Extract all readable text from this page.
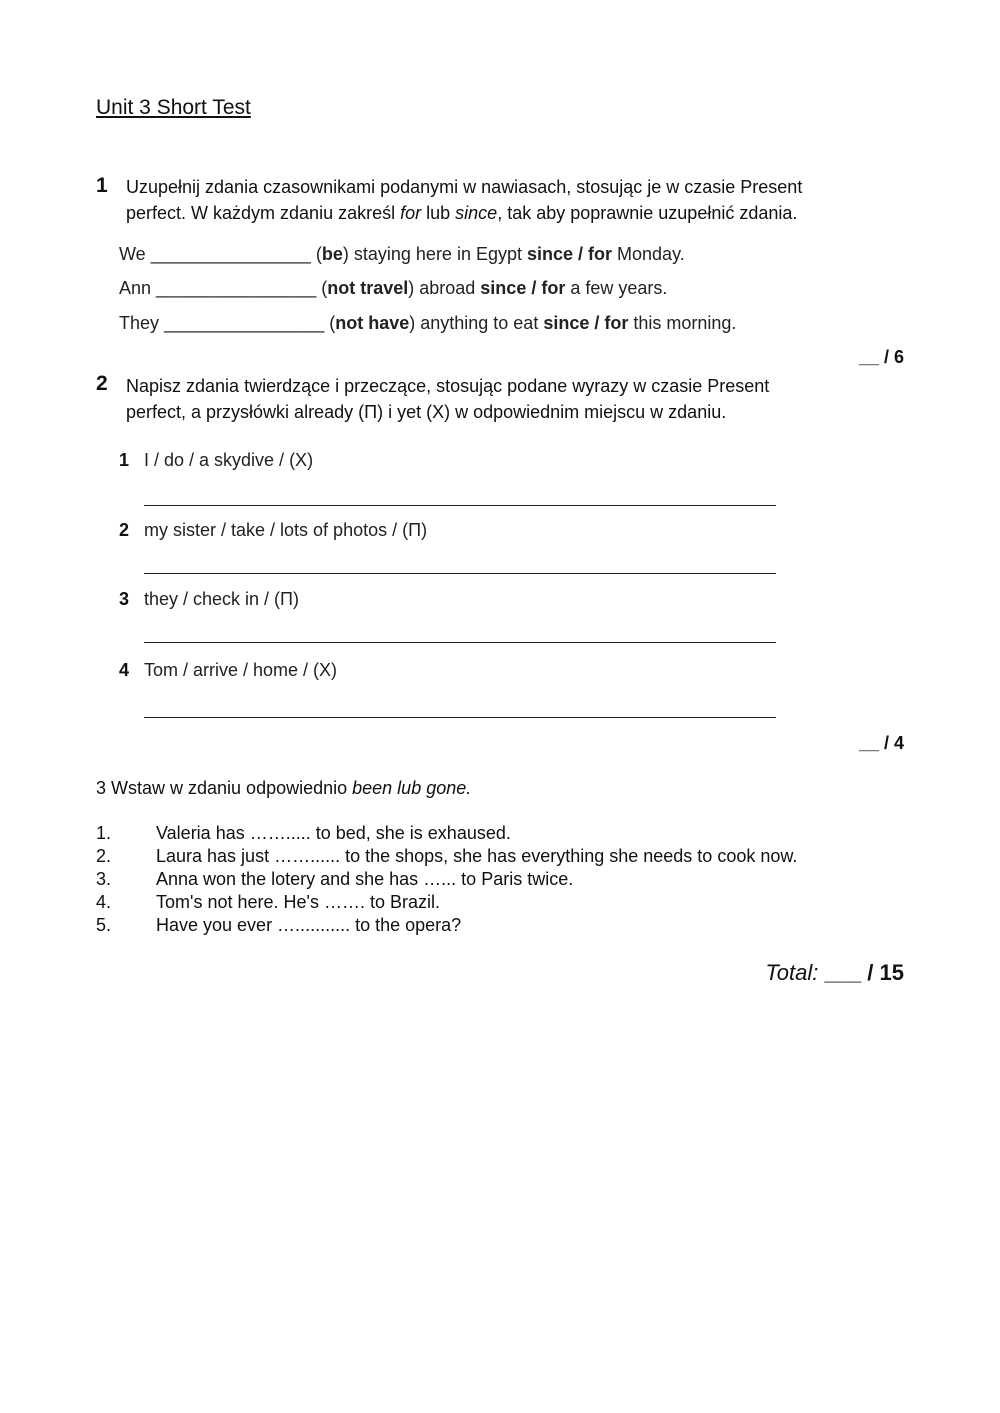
Unit 3 Short Test
1 Uzupełnij zdania czasownikami podanymi w nawiasach, stosując je w czasie Present
perfect. W każdym zdaniu zakreśl for lub since, tak aby poprawnie uzupełnić zdania.
We ________________ (be) staying here in Egypt since / for Monday.
Ann ________________ (not travel) abroad since / for a few years.
They ________________ (not have) anything to eat since / for this morning.
__ / 6
2 Napisz zdania twierdzące i przeczące, stosując podane wyrazy w czasie Present
perfect, a przysłówki already (Π) i yet (Χ) w odpowiednim miejscu w zdaniu.
1 I / do / a skydive / (Χ)
2 my sister / take / lots of photos / (Π)
3 they / check in / (Π)
4 Tom / arrive / home / (Χ)
__ / 4
3 Wstaw w zdaniu odpowiednio been lub gone.
1. Valeria has ……..... to bed, she is exhaused.
2. Laura has just ……...... to the shops, she has everything she needs to cook now.
3. Anna won the lotery and she has …... to Paris twice.
4. Tom's not here. He's ……. to Brazil.
5. Have you ever …........... to the opera?
Total: ___ / 15
